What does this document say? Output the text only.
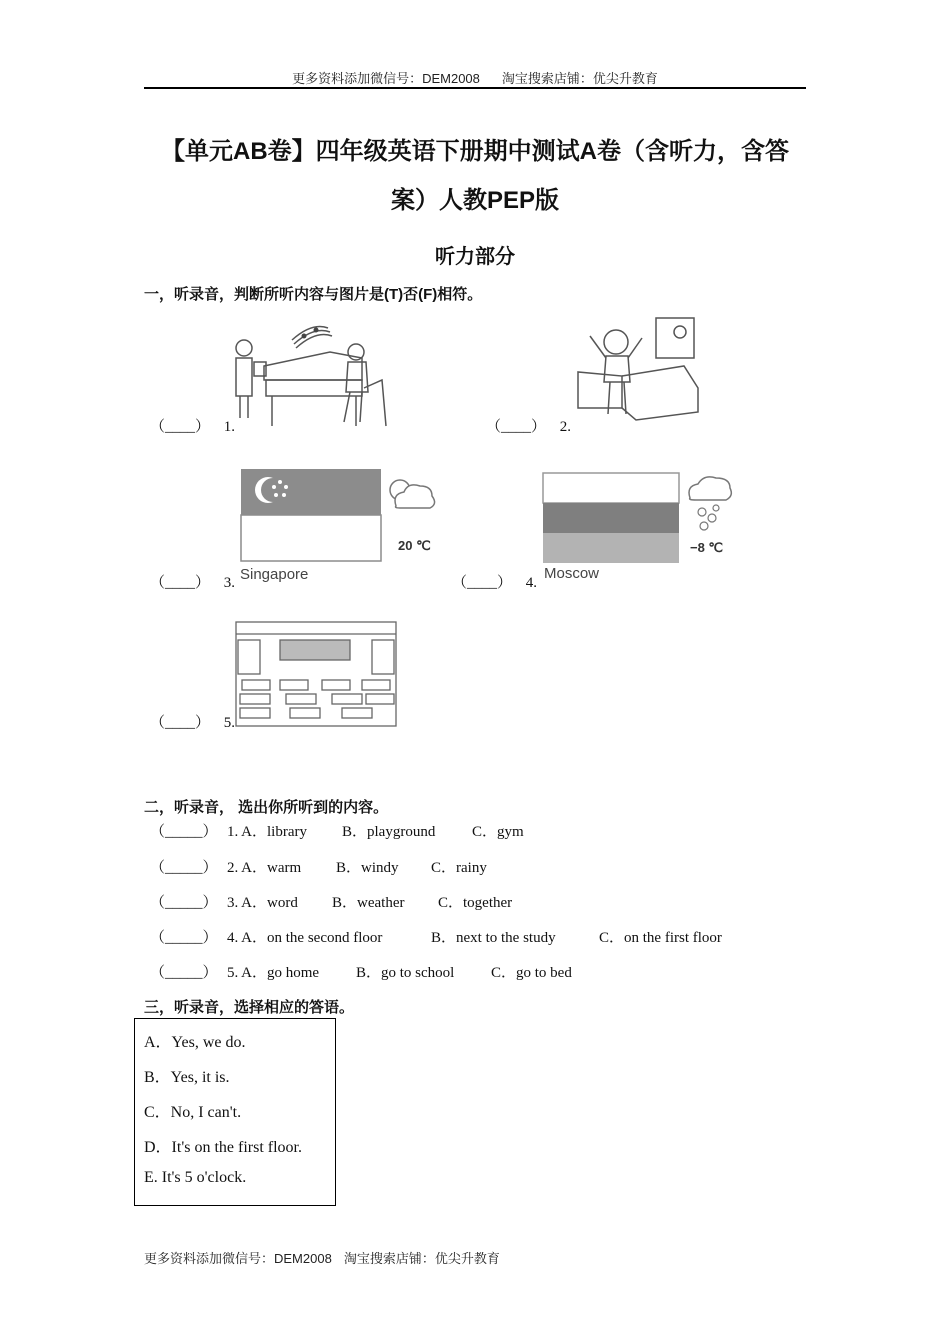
更多资料添加微信号：DEM2008 淘宝搜索店铺：优尖升教育
【单元AB卷】四年级英语下册期中测试A卷（含听力，含答
案）人教PEP版
听力部分
一，听录音，判断所听内容与图片是(T)否(F)相符。
（____） 1.	（____） 2.
（____） 3.
20 ℃
Singapore	（____） 4.
−8 ℃
Moscow
（____） 5.
二，听录音， 选出你所听到的内容。
（_____） 1. A．library B．playground C．gym
（_____） 2. A．warm B．windy C．rainy
（_____） 3. A．word B．weather C．together
（_____） 4. A．on the second floor	B．next to the study	C．on the first floor
（_____） 5. A．go home B．go to school C．go to bed
三，听录音，选择相应的答语。
A．Yes, we do.
B．Yes, it is.
C．No, I can't.
D．It's on the first floor.
E. It's 5 o'clock.
更多资料添加微信号：DEM2008 淘宝搜索店铺：优尖升教育
